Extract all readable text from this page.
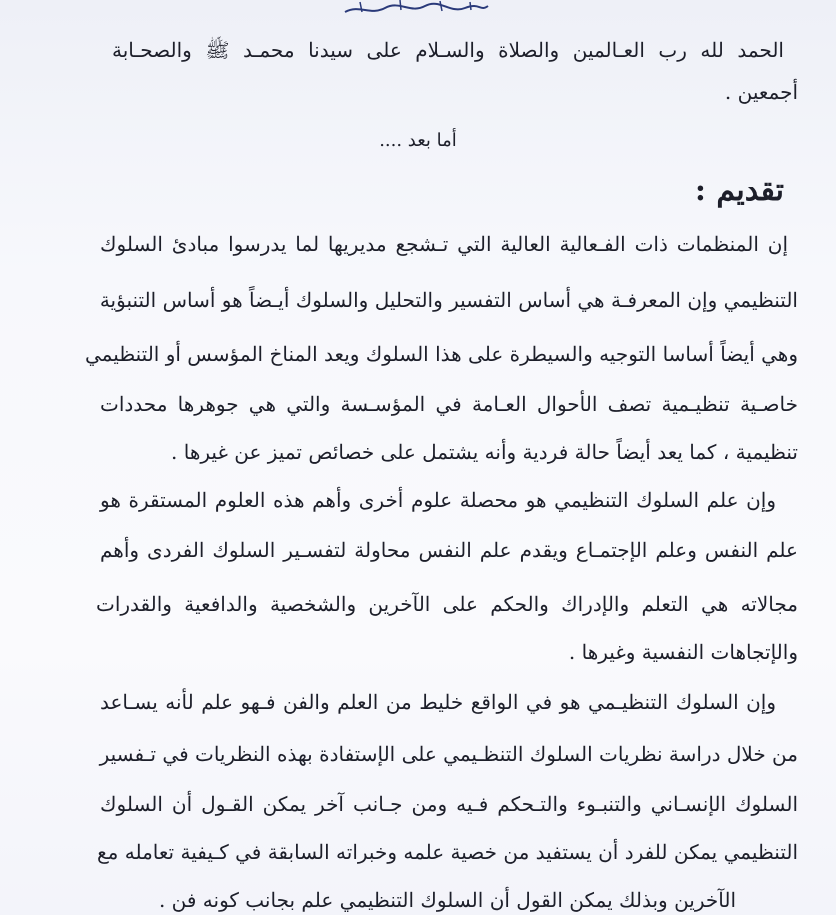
الحمد لله رب العـالمين والصلاة والسـلام على سيدنا محمـد ﷺ والصحـابة
أجمعين .
أما بعد ....
تقديم :
إن المنظمات ذات الفـعالية العالية التي تـشجع مديريها لما يدرسوا مبادئ السلوك
التنظيمي وإن المعرفـة هي أساس التفسير والتحليل والسلوك أيـضاً هو أساس التنبؤية
وهي أيضاً أساسا التوجيه والسيطرة على هذا السلوك ويعد المناخ المؤسس أو التنظيمي
خاصـية تنظيـمية تصف الأحوال العـامة في المؤسـسة والتي هي جوهرها محددات
تنظيمية ، كما يعد أيضاً حالة فردية وأنه يشتمل على خصائص تميز عن غيرها .
وإن علم السلوك التنظيمي هو محصلة علوم أخرى وأهم هذه العلوم المستقرة هو
علم النفس وعلم الإجتمـاع ويقدم علم النفس محاولة لتفسـير السلوك الفردى وأهم
مجالاته هي التعلم والإدراك والحكم على الآخرين والشخصية والدافعية والقدرات
والإتجاهات النفسية وغيرها .
وإن السلوك التنظيـمي هو في الواقع خليط من العلم والفن فـهو علم لأنه يسـاعد
من خلال دراسة نظريات السلوك التنظـيمي على الإستفادة بهذه النظريات في تـفسير
السلوك الإنسـاني والتنبـوء والتـحكم فـيه ومن جـانب آخر يمكن القـول أن السلوك
التنظيمي يمكن للفرد أن يستفيد من خصية علمه وخبراته السابقة في كـيفية تعامله مع
الآخرين وبذلك يمكن القول أن السلوك التنظيمي علم بجانب كونه فن .
